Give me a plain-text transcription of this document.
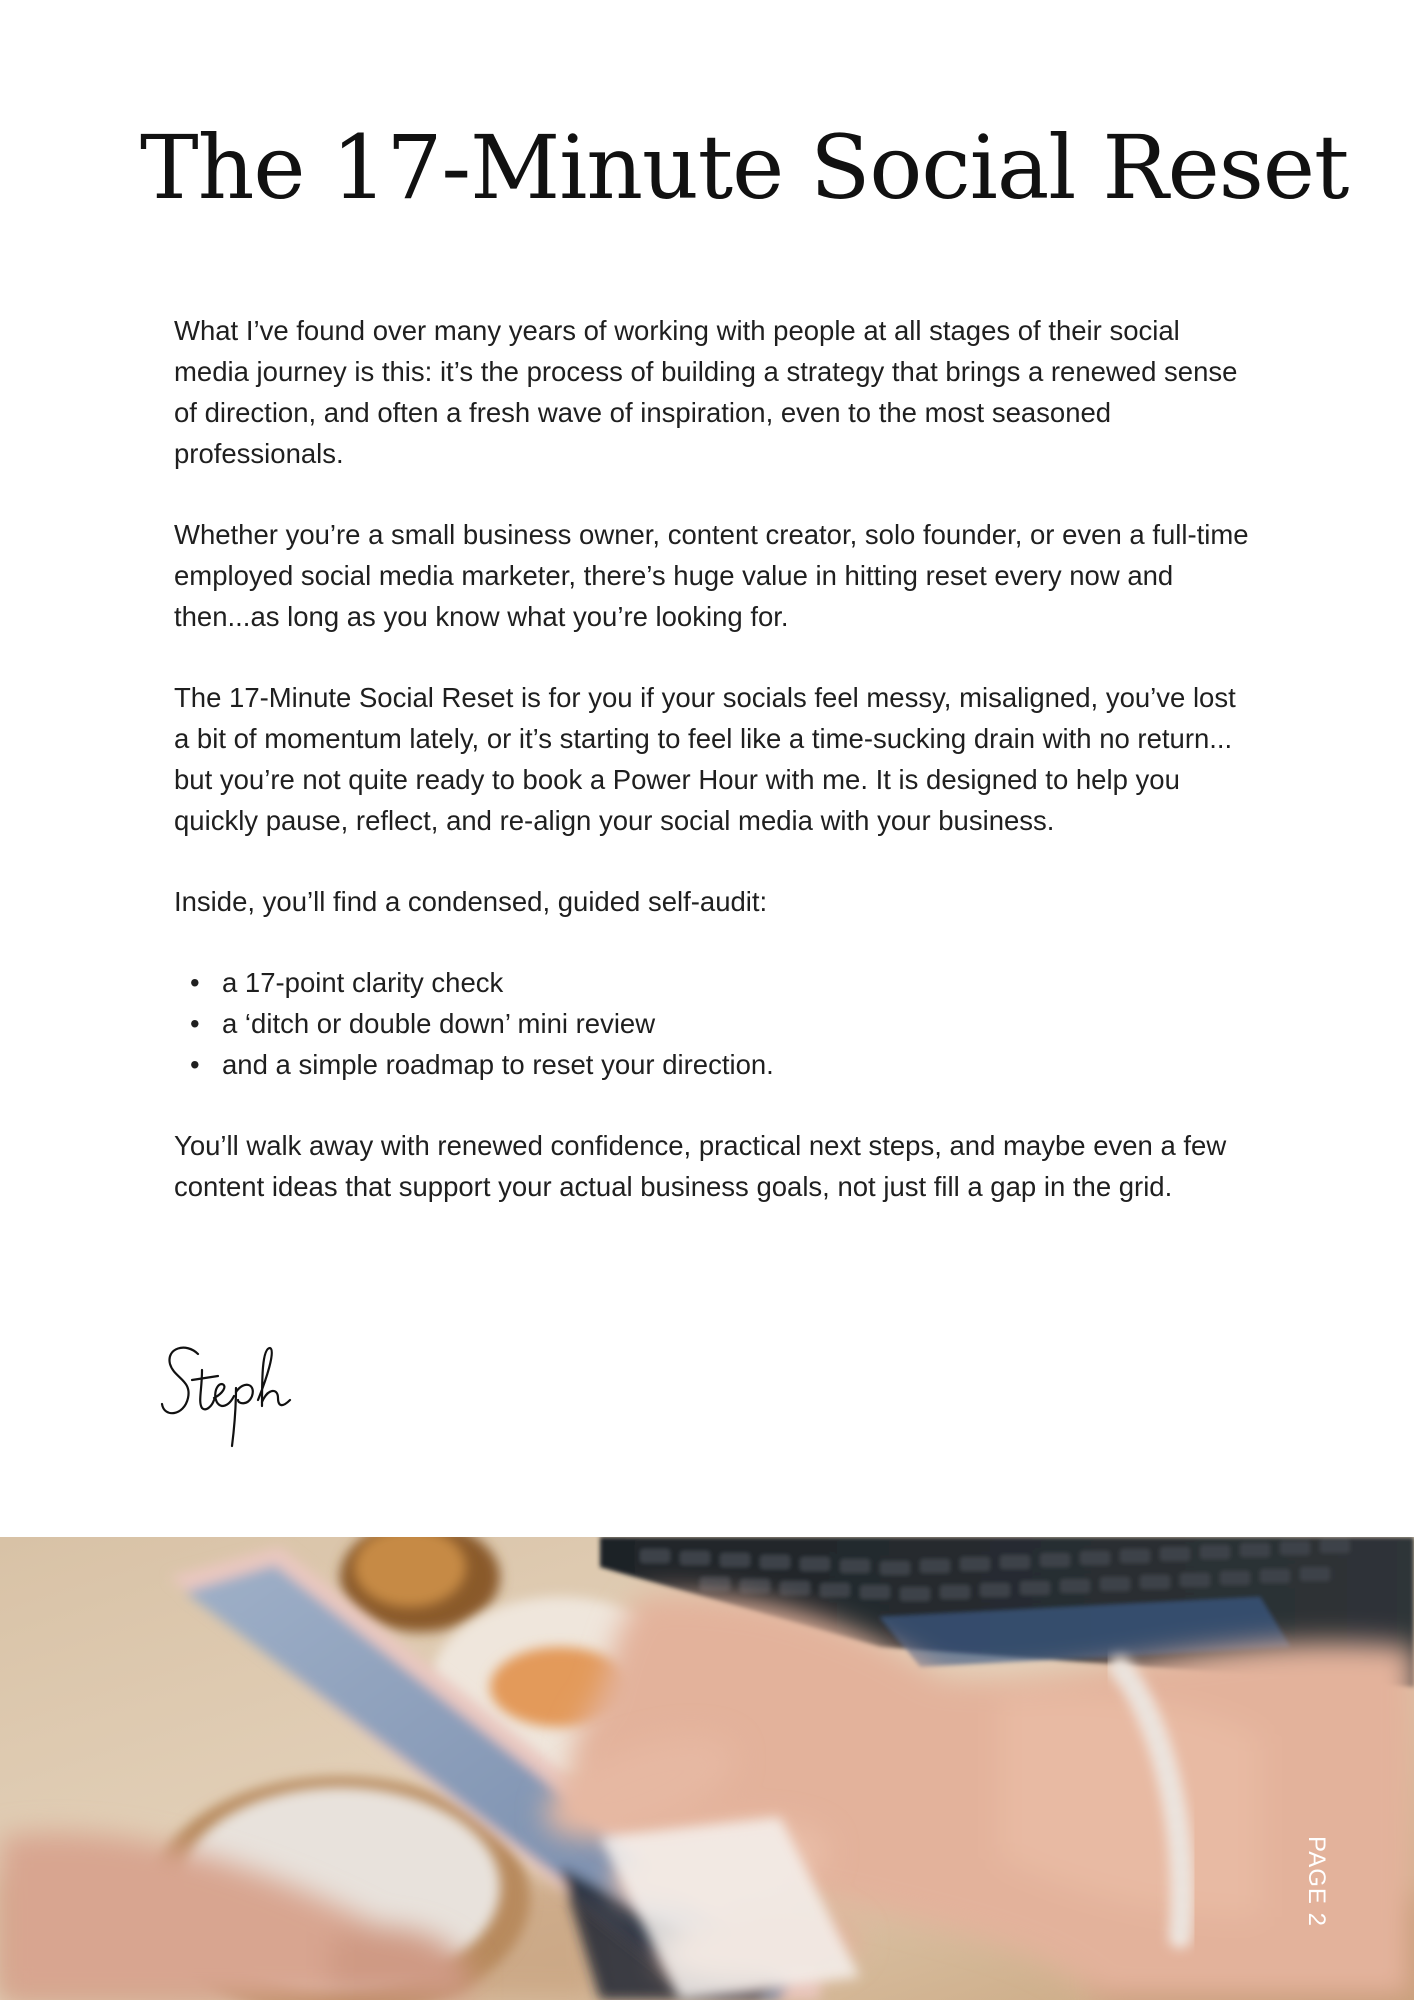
The 17-Minute Social Reset

What I’ve found over many years of working with people at all stages of their social media journey is this: it’s the process of building a strategy that brings a renewed sense of direction, and often a fresh wave of inspiration, even to the most seasoned professionals.

Whether you’re a small business owner, content creator, solo founder, or even a full-time employed social media marketer, there’s huge value in hitting reset every now and then...as long as you know what you’re looking for.

The 17-Minute Social Reset is for you if your socials feel messy, misaligned, you’ve lost a bit of momentum lately, or it’s starting to feel like a time-sucking drain with no return... but you’re not quite ready to book a Power Hour with me. It is designed to help you quickly pause, reflect, and re-align your social media with your business.

Inside, you’ll find a condensed, guided self-audit:

• a 17-point clarity check
• a ‘ditch or double down’ mini review
• and a simple roadmap to reset your direction.

You’ll walk away with renewed confidence, practical next steps, and maybe even a few content ideas that support your actual business goals, not just fill a gap in the grid.

PAGE 2
